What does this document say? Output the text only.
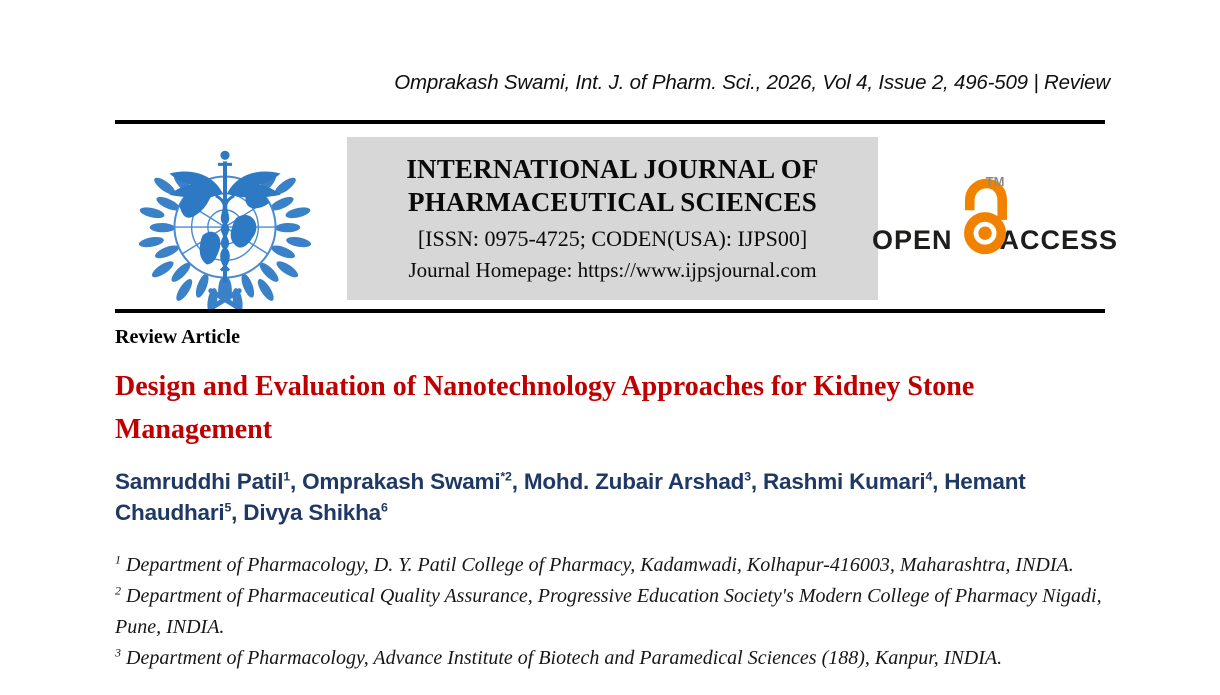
Omprakash Swami, Int. J. of Pharm. Sci., 2026, Vol 4, Issue 2, 496-509 | Review
INTERNATIONAL JOURNAL OF
PHARMACEUTICAL SCIENCES
[ISSN: 0975-4725; CODEN(USA): IJPS00]
Journal Homepage: https://www.ijpsjournal.com
OPEN
TM
ACCESS
Review Article
Design and Evaluation of Nanotechnology Approaches for Kidney Stone Management
Samruddhi Patil$^1$, Omprakash Swami$^{*2}$, Mohd. Zubair Arshad$^3$, Rashmi Kumari$^4$, Hemant Chaudhari$^5$, Divya Shikha$^6$
$^1$ Department of Pharmacology, D. Y. Patil College of Pharmacy, Kadamwadi, Kolhapur-416003, Maharashtra, INDIA.
$^2$ Department of Pharmaceutical Quality Assurance, Progressive Education Society's Modern College of Pharmacy Nigadi, Pune, INDIA.
$^3$ Department of Pharmacology, Advance Institute of Biotech and Paramedical Sciences (188), Kanpur, INDIA.
